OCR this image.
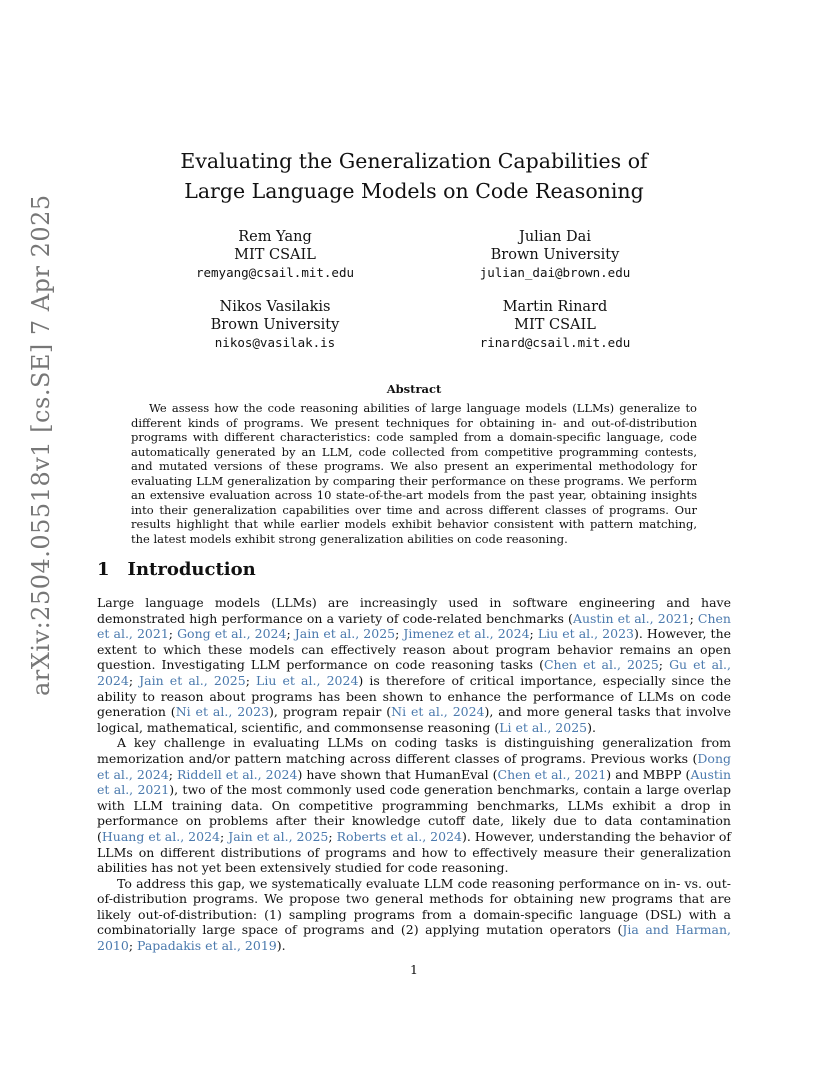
arXiv:2504.05518v1 [cs.SE] 7 Apr 2025
Evaluating the Generalization Capabilities of
Large Language Models on Code Reasoning
Rem Yang
MIT CSAIL
remyang@csail.mit.edu
Julian Dai
Brown University
julian_dai@brown.edu
Nikos Vasilakis
Brown University
nikos@vasilak.is
Martin Rinard
MIT CSAIL
rinard@csail.mit.edu
Abstract

We assess how the code reasoning abilities of large language models (LLMs) generalize to different kinds of programs. We present techniques for obtaining in- and out-of-distribution programs with different characteristics: code sampled from a domain-specific language, code automatically generated by an LLM, code collected from competitive programming contests, and mutated versions of these programs. We also present an experimental methodology for evaluating LLM generalization by comparing their performance on these programs. We perform an extensive evaluation across 10 state-of-the-art models from the past year, obtaining insights into their generalization capabilities over time and across different classes of programs. Our results highlight that while earlier models exhibit behavior consistent with pattern matching, the latest models exhibit strong generalization abilities on code reasoning.

1 Introduction

Large language models (LLMs) are increasingly used in software engineering and have demonstrated high performance on a variety of code-related benchmarks (Austin et al., 2021; Chen et al., 2021; Gong et al., 2024; Jain et al., 2025; Jimenez et al., 2024; Liu et al., 2023). However, the extent to which these models can effectively reason about program behavior remains an open question. Investigating LLM performance on code reasoning tasks (Chen et al., 2025; Gu et al., 2024; Jain et al., 2025; Liu et al., 2024) is therefore of critical importance, especially since the ability to reason about programs has been shown to enhance the performance of LLMs on code generation (Ni et al., 2023), program repair (Ni et al., 2024), and more general tasks that involve logical, mathematical, scientific, and commonsense reasoning (Li et al., 2025).

A key challenge in evaluating LLMs on coding tasks is distinguishing generalization from memorization and/or pattern matching across different classes of programs. Previous works (Dong et al., 2024; Riddell et al., 2024) have shown that HumanEval (Chen et al., 2021) and MBPP (Austin et al., 2021), two of the most commonly used code generation benchmarks, contain a large overlap with LLM training data. On competitive programming benchmarks, LLMs exhibit a drop in performance on problems after their knowledge cutoff date, likely due to data contamination (Huang et al., 2024; Jain et al., 2025; Roberts et al., 2024). However, understanding the behavior of LLMs on different distributions of programs and how to effectively measure their generalization abilities has not yet been extensively studied for code reasoning.

To address this gap, we systematically evaluate LLM code reasoning performance on in- vs. out-of-distribution programs. We propose two general methods for obtaining new programs that are likely out-of-distribution: (1) sampling programs from a domain-specific language (DSL) with a combinatorially large space of programs and (2) applying mutation operators (Jia and Harman, 2010; Papadakis et al., 2019).

1
